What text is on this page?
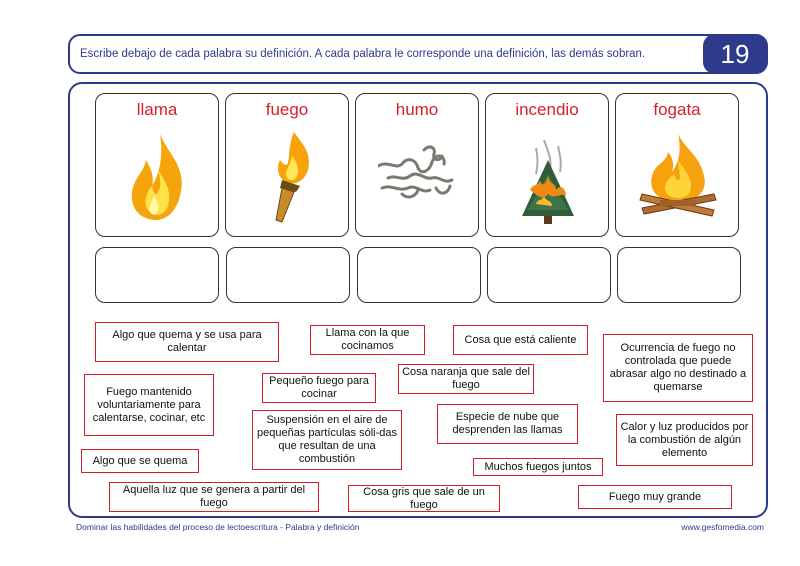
Escribe debajo de cada palabra su definición. A cada palabra le corresponde una definición, las demás sobran.	19
llama	fuego	humo	incendio	fogata
Algo que quema y se usa para calentar
Llama con la que cocinamos
Cosa que está caliente
Ocurrencia de fuego no controlada que puede abrasar algo no destinado a quemarse
Fuego mantenido voluntariamente para calentarse, cocinar, etc
Pequeño fuego para cocinar
Cosa naranja que sale del fuego
Suspensión en el aire de pequeñas partículas sóli-das que resultan de una combustión
Especie de nube que desprenden las llamas	Calor y luz producidos por la combustión de algún elemento
Algo que se quema	Muchos fuegos juntos
Aquella luz que se genera a partir del fuego
Cosa gris que sale de un fuego
Fuego muy grande
Dominar las habilidades del proceso de lectoescritura - Palabra y definición	www.gesfomedia.com
